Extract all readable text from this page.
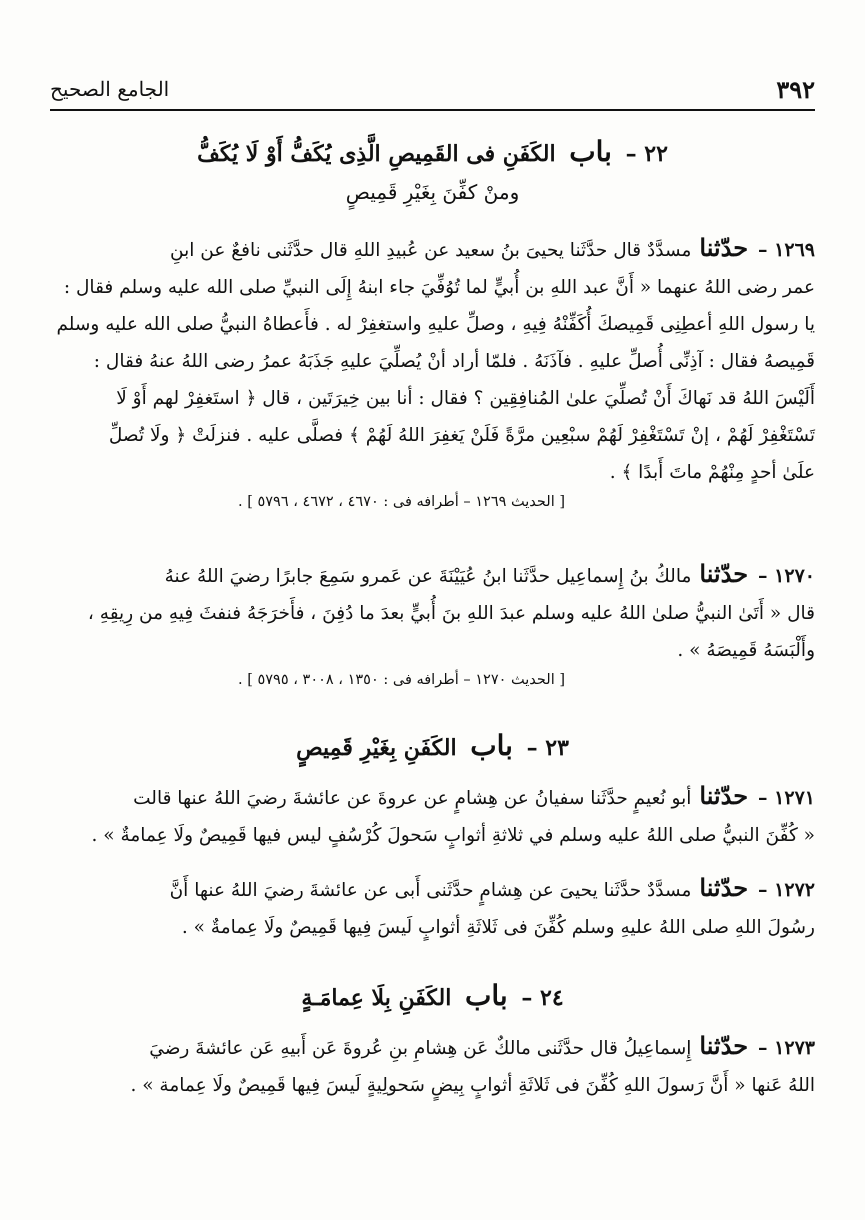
٣٩٢
الجامع الصحيح
٢٢ – باب الكَفَنِ فى القَمِيصِ الَّذِى يُكَفُّ أَوْ لَا يُكَفُّ
ومنْ كفِّنَ بِغَيْرِ قَمِيصٍ
١٢٦٩ –حدّثنامسدَّدٌ قال حدَّثَنا يحيىَ بنُ سعيد عن عُبيدِ اللهِ قال حدَّثَنى نافعٌ عن ابنِ
عمر رضى اللهُ عنهما « أَنَّ عبد اللهِ بن أُبيٍّ لما تُوُفِّيَ جاء ابنهُ إِلَى النبيِّ صلى الله عليه وسلم فقال :
يا رسول اللهِ أعطِنِى قَمِيصكَ أُكَفِّنْهُ فِيهِ ، وصلِّ عليهِ واستغفِرْ له . فأَعطاهُ النبيُّ صلى الله عليه وسلم
قَمِيصهُ فقال : آذِنِّى أُصلِّ عليهِ . فآذَنَهُ . فلمّا أراد أنْ يُصلِّيَ عليهِ جَذَبَهُ عمرُ رضى اللهُ عنهُ فقال :
أَلَيْسَ اللهُ قد نَهاكَ أَنْ تُصلِّيَ علىٰ المُنافِقِين ؟ فقال : أنا بين خِيرَتَين ، قال ﴿ استَغفِرْ لهم أَوْ لَا
تَسْتَغْفِرْ لَهُمْ ، إنْ تَسْتَغْفِرْ لَهُمْ سبْعِين مرَّةً فَلَنْ يَغفِرَ اللهُ لَهُمْ ﴾ فصلَّى عليه . فنزلَتْ ﴿ ولَا تُصلِّ
علَىٰ أحدٍ مِنْهُمْ ماتَ أَبدًا ﴾ .
[ الحديث ١٢٦٩ – أطرافه فى : ٤٦٧٠ ، ٤٦٧٢ ، ٥٧٩٦ ] .
١٢٧٠ –حدّثنامالكُ بنُ إِسماعِيل حدَّثَنا ابنُ عُيَيْنَةَ عن عَمرو سَمِعَ جابرًا رضيَ اللهُ عنهُ
قال « أَتَىٰ النبيُّ صلىٰ اللهُ عليه وسلم عبدَ اللهِ بنَ أُبيٍّ بعدَ ما دُفِنَ ، فأَخرَجَهُ فنفثَ فِيهِ من رِيقِهِ ،
وأَلْبَسَهُ قَمِيصَهُ » .
[ الحديث ١٢٧٠ – أطرافه فى : ١٣٥٠ ، ٣٠٠٨ ، ٥٧٩٥ ] .
٢٣ – باب الكَفَنِ بِغَيْرِ قَمِيصٍ
١٢٧١ –حدّثناأبو نُعيمٍ حدَّثَنا سفيانُ عن هِشامٍ عن عروةَ عن عائشةَ رضيَ اللهُ عنها قالت
« كُفِّنَ النبيُّ صلى اللهُ عليه وسلم في ثلاثةِ أثوابٍ سَحولَ كُرْسُفٍ ليس فيها قَمِيصٌ ولَا عِمامةٌ » .
١٢٧٢ –حدّثنامسدَّدٌ حدَّثَنا يحيىَ عن هِشامٍ حدَّثَنى أَبى عن عائشةَ رضيَ اللهُ عنها أَنَّ
رسُولَ اللهِ صلى اللهُ عليهِ وسلم كُفِّنَ فى ثَلاثَةِ أثوابٍ لَيسَ فِيها قَمِيصٌ ولَا عِمامةٌ » .
٢٤ – باب الكَفَنِ بِلَا عِمامَـةٍ
١٢٧٣ –حدّثناإِسماعِيلُ قال حدَّثَنى مالكٌ عَن هِشامِ بنِ عُروةَ عَن أَبيهِ عَن عائشةَ رضيَ
اللهُ عَنها « أَنَّ رَسولَ اللهِ كُفِّنَ فى ثَلاثَةِ أثوابٍ بِيضٍ سَحولِيةٍ لَيسَ فِيها قَمِيصٌ ولَا عِمامة » .
